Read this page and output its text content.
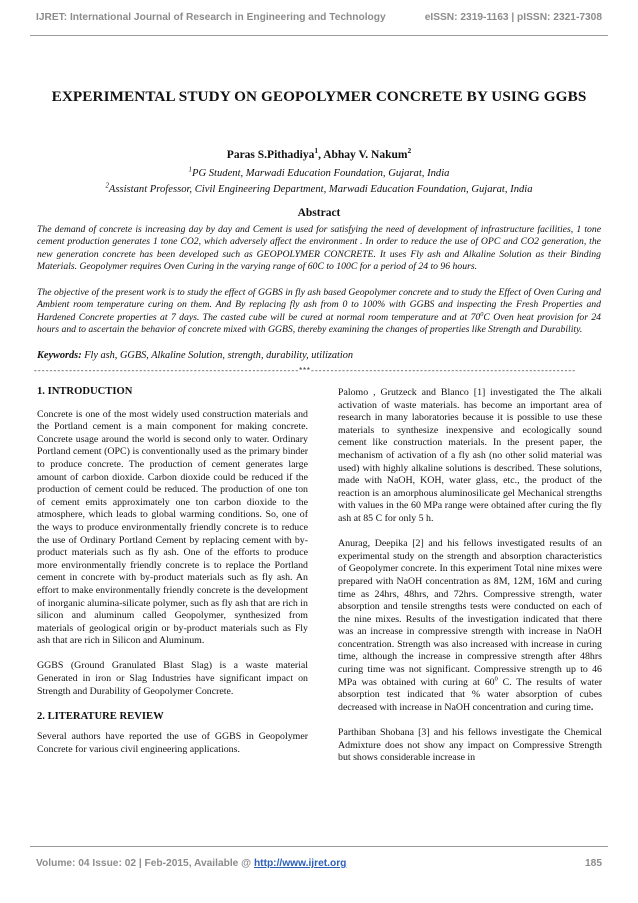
IJRET: International Journal of Research in Engineering and Technology	eISSN: 2319-1163 | pISSN: 2321-7308
EXPERIMENTAL STUDY ON GEOPOLYMER CONCRETE BY USING GGBS
Paras S.Pithadiya$^1$, Abhay V. Nakum$^2$
$^1$PG Student, Marwadi Education Foundation, Gujarat, India
$^2$Assistant Professor, Civil Engineering Department, Marwadi Education Foundation, Gujarat, India
Abstract
The demand of concrete is increasing day by day and Cement is used for satisfying the need of development of infrastructure facilities, 1 tone cement production generates 1 tone CO2, which adversely affect the environment . In order to reduce the use of OPC and CO2 generation, the new generation concrete has been developed such as GEOPOLYMER CONCRETE. It uses Fly ash and Alkaline Solution as their Binding Materials. Geopolymer requires Oven Curing in the varying range of 60C to 100C for a period of 24 to 96 hours.
The objective of the present work is to study the effect of GGBS in fly ash based Geopolymer concrete and to study the Effect of Oven Curing and Ambient room temperature curing on them. And By replacing fly ash from 0 to 100% with GGBS and inspecting the Fresh Properties and Hardened Concrete properties at 7 days. The casted cube will be cured at normal room temperature and at $70^0C$ Oven heat provision for 24 hours and to ascertain the behavior of concrete mixed with GGBS, thereby examining the changes of properties like Strength and Durability.
Keywords: Fly ash, GGBS, Alkaline Solution, strength, durability, utilization
--------------------------------------------------------------------***--------------------------------------------------------------------
1. INTRODUCTION

Concrete is one of the most widely used construction materials and the Portland cement is a main component for making concrete. Concrete usage around the world is second only to water. Ordinary Portland cement (OPC) is conventionally used as the primary binder to produce concrete. The production of cement generates large amount of carbon dioxide. Carbon dioxide could be reduced if the production of cement could be reduced. The production of one ton of cement emits approximately one ton carbon dioxide to the atmosphere, which leads to global warming conditions. So, one of the ways to produce environmentally friendly concrete is to reduce the use of Ordinary Portland Cement by replacing cement with by-product materials such as fly ash. One of the efforts to produce more environmentally friendly concrete is to replace the Portland cement in concrete with by-product materials such as fly ash. An effort to make environmentally friendly concrete is the development of inorganic alumina-silicate polymer, such as fly ash that are rich in silicon and aluminum called Geopolymer, synthesized from materials of geological origin or by-product materials such as Fly ash that are rich in Silicon and Aluminum.

GGBS (Ground Granulated Blast Slag) is a waste material Generated in iron or Slag Industries have significant impact on Strength and Durability of Geopolymer Concrete.

2. LITERATURE REVIEW

Several authors have reported the use of GGBS in Geopolymer Concrete for various civil engineering applications.

Palomo , Grutzeck and Blanco [1] investigated the The alkali activation of waste materials. has become an important area of research in many laboratories because it is possible to use these materials to synthesize inexpensive and ecologically sound cement like construction materials. In the present paper, the mechanism of activation of a fly ash (no other solid material was used) with highly alkaline solutions is described. These solutions, made with NaOH, KOH, water glass, etc., the product of the reaction is an amorphous aluminosilicate gel Mechanical strengths with values in the 60 MPa range were obtained after curing the fly ash at 85 C for only 5 h.

Anurag, Deepika [2] and his fellows investigated results of an experimental study on the strength and absorption characteristics of Geopolymer concrete. In this experiment Total nine mixes were prepared with NaOH concentration as 8M, 12M, 16M and curing time as 24hrs, 48hrs, and 72hrs. Compressive strength, water absorption and tensile strengths tests were conducted on each of the nine mixes. Results of the investigation indicated that there was an increase in compressive strength with increase in NaOH concentration. Strength was also increased with increase in curing time, although the increase in compressive strength after 48hrs curing time was not significant. Compressive strength up to 46 MPa was obtained with curing at $60^0$ C. The results of water absorption test indicated that % water absorption of cubes decreased with increase in NaOH concentration and curing time.

Parthiban Shobana [3] and his fellows investigate the Chemical Admixture does not show any impact on Compressive Strength but shows considerable increase in

Volume: 04 Issue: 02 | Feb-2015, Available @ http://www.ijret.org	185
